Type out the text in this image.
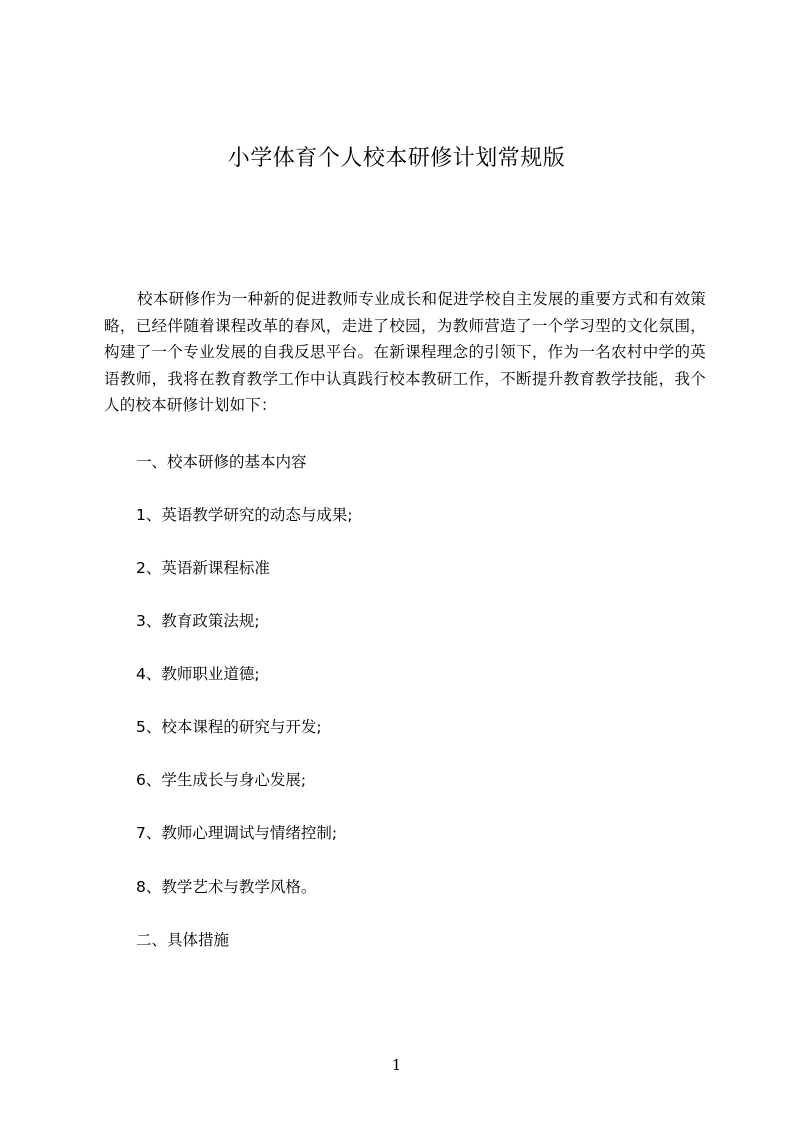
小学体育个人校本研修计划常规版
校本研修作为一种新的促进教师专业成长和促进学校自主发展的重要方式和有效策略，已经伴随着课程改革的春风，走进了校园，为教师营造了一个学习型的文化氛围，构建了一个专业发展的自我反思平台。在新课程理念的引领下，作为一名农村中学的英语教师，我将在教育教学工作中认真践行校本教研工作，不断提升教育教学技能，我个人的校本研修计划如下：
一、校本研修的基本内容
1、英语教学研究的动态与成果;
2、英语新课程标准
3、教育政策法规;
4、教师职业道德;
5、校本课程的研究与开发;
6、学生成长与身心发展;
7、教师心理调试与情绪控制;
8、教学艺术与教学风格。
二、具体措施
1
